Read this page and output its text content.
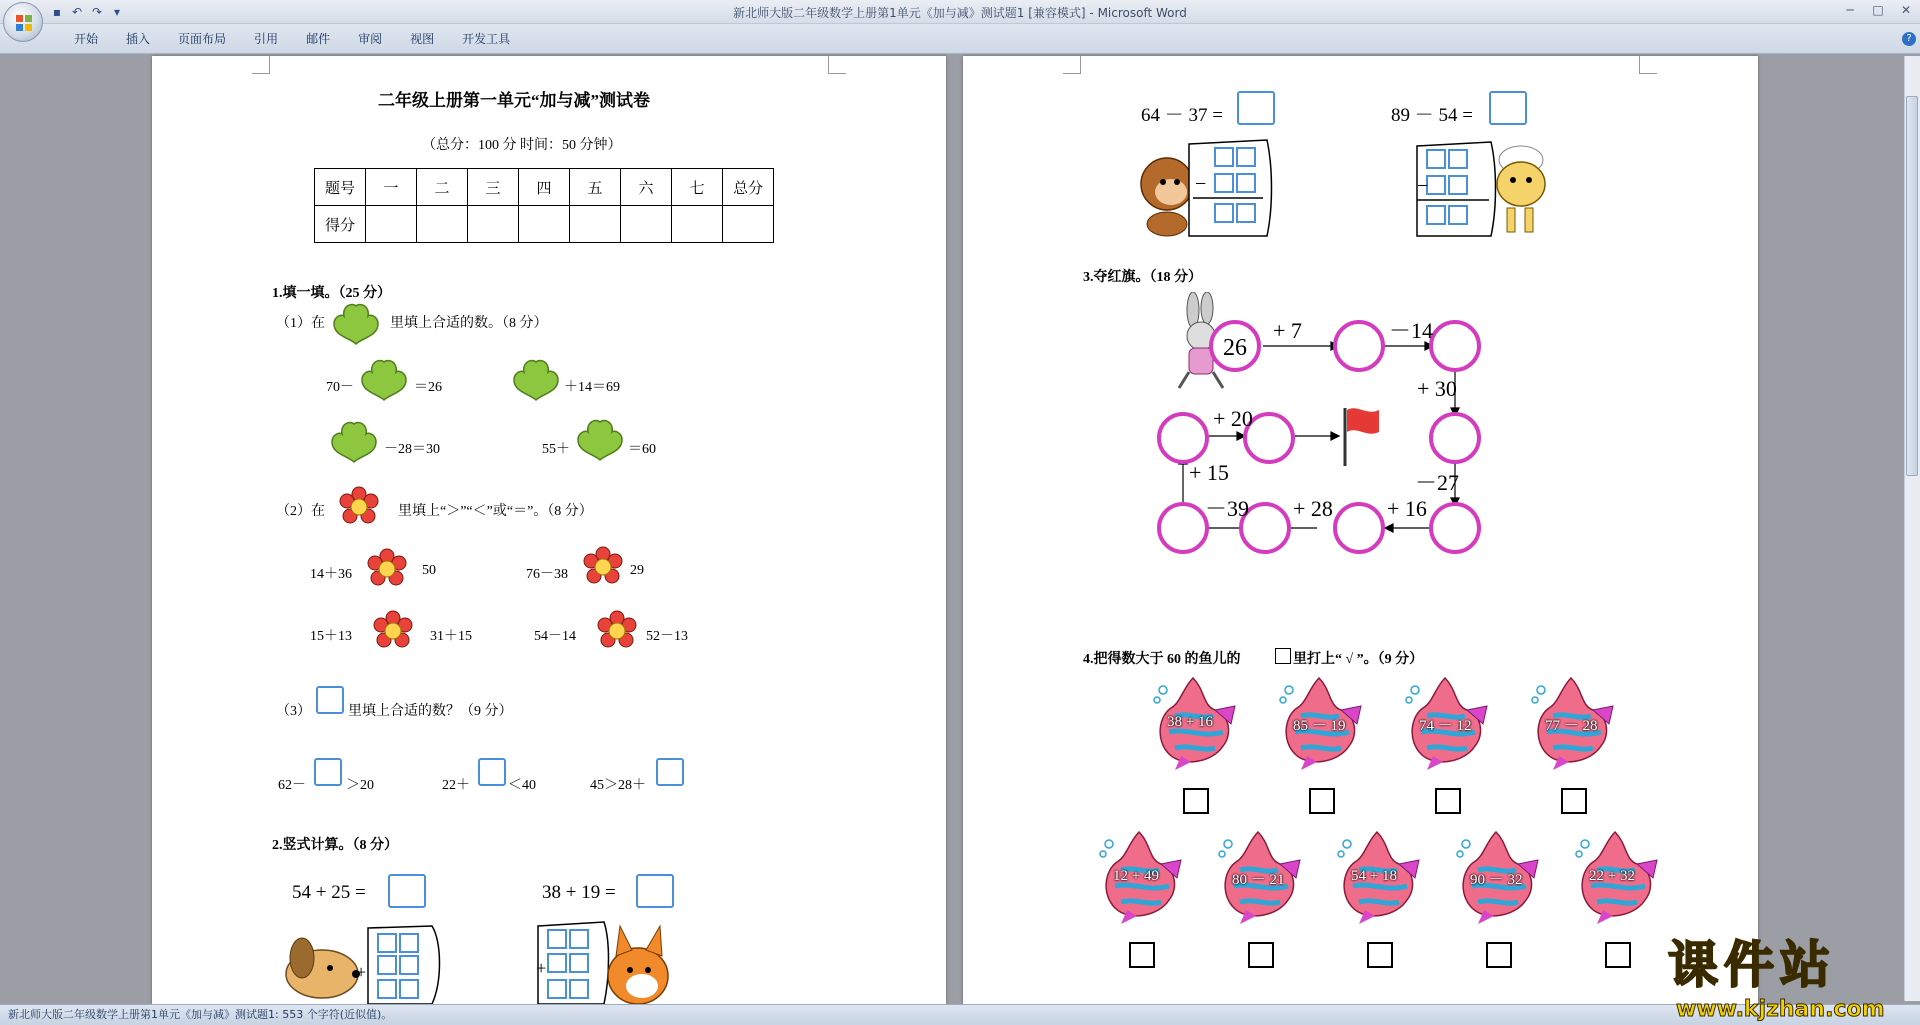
▪ ↶ ↷ ▾	新北师大版二年级数学上册第1单元《加与减》测试题1 [兼容模式] - Microsoft Word	─	□	✕
开始	插入	页面布局	引用	邮件	审阅	视图	开发工具	?
二年级上册第一单元“加与减”测试卷
（总分：100 分 时间：50 分钟）
题号	一	二	三	四	五	六	七	总分
得分								
1.填一填。（25 分）
（1）在	里填上合适的数。（8 分）
70－	＝26	＋14＝69
－28＝30	55＋	＝60
（2）在	里填上“＞”“＜”或“＝”。（8 分）
14＋36	50	76－38	29
15＋13	31＋15	54－14	52－13
（3）	里填上合适的数？（9 分）
62－	＞20	22＋	＜40	45＞28＋
2.竖式计算。（8 分）
54 + 25 =	38 + 19 =
+	+
64 － 37 =	89 － 54 =
−	−
3.夺红旗。（18 分）
26
+ 7	－14
+ 30
－27
+ 16
+ 28
－39
+ 15
+ 20
4.把得数大于 60 的鱼儿的	里打上“ √ ”。（9 分）
38 + 16	85 － 19	74 － 12	77 － 28
12 + 49	80 － 21	54 + 18	90 － 32	22 + 32
新北师大版二年级数学上册第1单元《加与减》测试题1: 553 个字符(近似值)。
课件站
www.kjzhan.com
